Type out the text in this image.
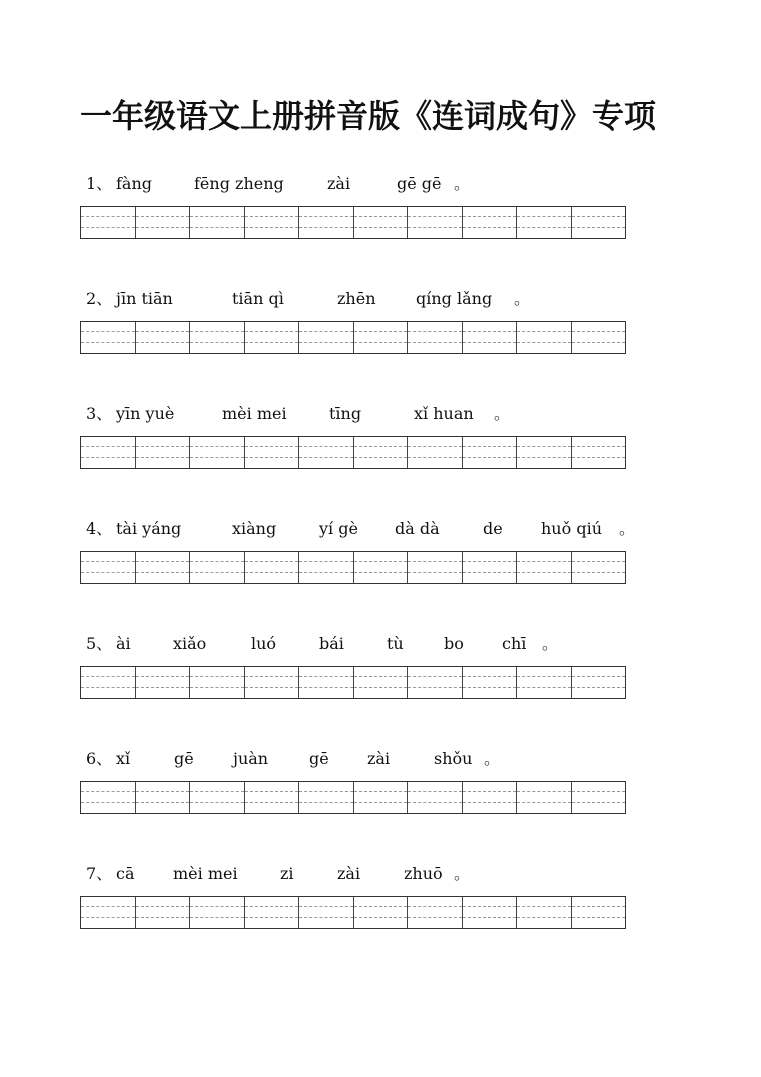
一年级语文上册拼音版《连词成句》专项
1、 fàng	fēng zheng	zài	gē gē 。
2、 jīn tiān	tiān qì	zhēn	qíng lǎng 。
3、 yīn yuè	mèi mei	tīng	xǐ huan 。
4、 tài yáng	xiàng	yí gè dà dà	de huǒ qiú 。
5、 ài	xiǎo	luó	bái	tù	bo chī 。
6、 xǐ	gē juàn	gē zài	shǒu 。
7、 cā mèi mei	zi	zài	zhuō 。
